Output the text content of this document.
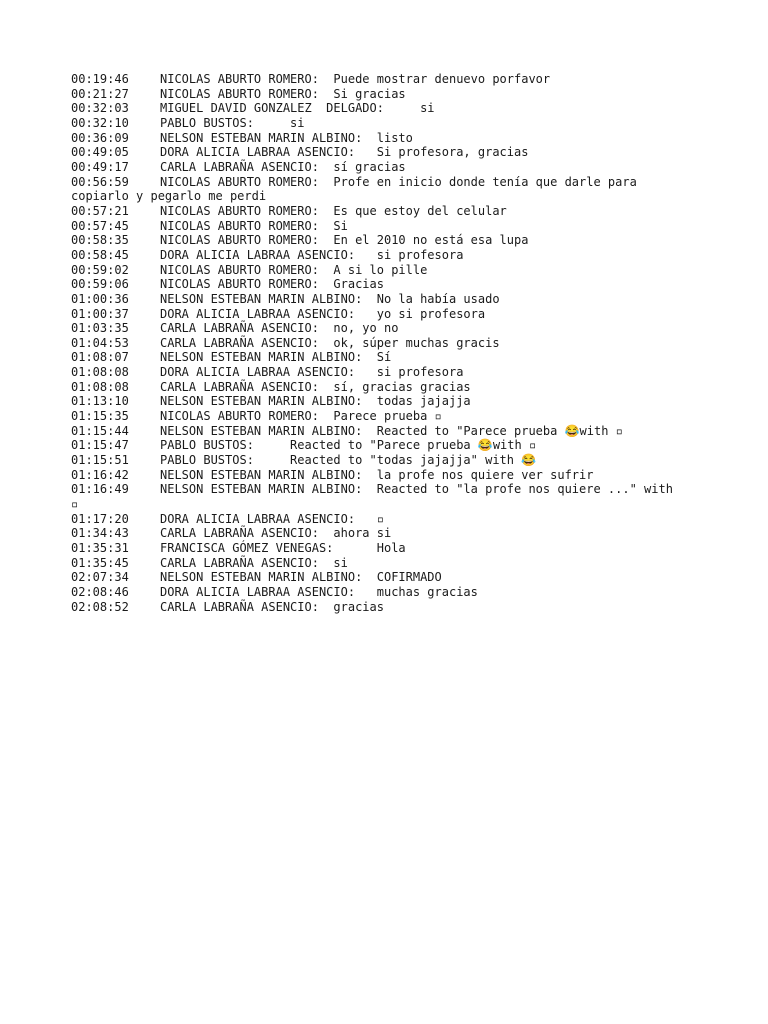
00:19:46	NICOLAS ABURTO ROMERO:  Puede mostrar denuevo porfavor
00:21:27	NICOLAS ABURTO ROMERO:  Si gracias
00:32:03	MIGUEL DAVID GONZALEZ  DELGADO:     si
00:32:10	PABLO BUSTOS:     si
00:36:09	NELSON ESTEBAN MARIN ALBINO:  listo
00:49:05	DORA ALICIA LABRAA ASENCIO:   Si profesora, gracias
00:49:17	CARLA LABRAÑA ASENCIO:  sí gracias
00:56:59	NICOLAS ABURTO ROMERO:  Profe en inicio donde tenía que darle para
copiarlo y pegarlo me perdi
00:57:21	NICOLAS ABURTO ROMERO:  Es que estoy del celular
00:57:45	NICOLAS ABURTO ROMERO:  Si
00:58:35	NICOLAS ABURTO ROMERO:  En el 2010 no está esa lupa
00:58:45	DORA ALICIA LABRAA ASENCIO:   si profesora
00:59:02	NICOLAS ABURTO ROMERO:  A si lo pille
00:59:06	NICOLAS ABURTO ROMERO:  Gracias
01:00:36	NELSON ESTEBAN MARIN ALBINO:  No la había usado
01:00:37	DORA ALICIA LABRAA ASENCIO:   yo si profesora
01:03:35	CARLA LABRAÑA ASENCIO:  no, yo no
01:04:53	CARLA LABRAÑA ASENCIO:  ok, súper muchas gracis
01:08:07	NELSON ESTEBAN MARIN ALBINO:  Sí
01:08:08	DORA ALICIA LABRAA ASENCIO:   si profesora
01:08:08	CARLA LABRAÑA ASENCIO:  sí, gracias gracias
01:13:10	NELSON ESTEBAN MARIN ALBINO:  todas jajajja
01:15:35	NICOLAS ABURTO ROMERO:  Parece prueba ▫
01:15:44	NELSON ESTEBAN MARIN ALBINO:  Reacted to "Parece prueba 😂with ▫
01:15:47	PABLO BUSTOS:     Reacted to "Parece prueba 😂with ▫
01:15:51	PABLO BUSTOS:     Reacted to "todas jajajja" with 😂
01:16:42	NELSON ESTEBAN MARIN ALBINO:  la profe nos quiere ver sufrir
01:16:49	NELSON ESTEBAN MARIN ALBINO:  Reacted to "la profe nos quiere ..." with
▫
01:17:20	DORA ALICIA LABRAA ASENCIO:   ▫
01:34:43	CARLA LABRAÑA ASENCIO:  ahora si
01:35:31	FRANCISCA GÓMEZ VENEGAS:      Hola
01:35:45	CARLA LABRAÑA ASENCIO:  si
02:07:34	NELSON ESTEBAN MARIN ALBINO:  COFIRMADO
02:08:46	DORA ALICIA LABRAA ASENCIO:   muchas gracias
02:08:52	CARLA LABRAÑA ASENCIO:  gracias
